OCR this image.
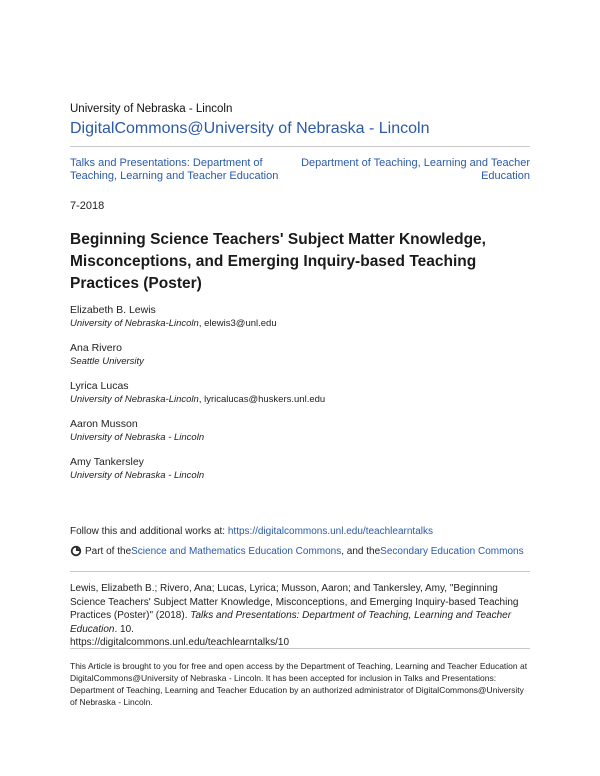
University of Nebraska - Lincoln
DigitalCommons@University of Nebraska - Lincoln
Talks and Presentations: Department of Teaching, Learning and Teacher Education
Department of Teaching, Learning and Teacher Education
7-2018
Beginning Science Teachers' Subject Matter Knowledge, Misconceptions, and Emerging Inquiry-based Teaching Practices (Poster)
Elizabeth B. Lewis
University of Nebraska-Lincoln, elewis3@unl.edu
Ana Rivero
Seattle University
Lyrica Lucas
University of Nebraska-Lincoln, lyricalucas@huskers.unl.edu
Aaron Musson
University of Nebraska - Lincoln
Amy Tankersley
University of Nebraska - Lincoln
Follow this and additional works at: https://digitalcommons.unl.edu/teachlearntalks
Part of the Science and Mathematics Education Commons , and the Secondary Education Commons
Lewis, Elizabeth B.; Rivero, Ana; Lucas, Lyrica; Musson, Aaron; and Tankersley, Amy, "Beginning Science Teachers' Subject Matter Knowledge, Misconceptions, and Emerging Inquiry-based Teaching Practices (Poster)" (2018). Talks and Presentations: Department of Teaching, Learning and Teacher Education. 10.
https://digitalcommons.unl.edu/teachlearntalks/10
This Article is brought to you for free and open access by the Department of Teaching, Learning and Teacher Education at DigitalCommons@University of Nebraska - Lincoln. It has been accepted for inclusion in Talks and Presentations: Department of Teaching, Learning and Teacher Education by an authorized administrator of DigitalCommons@University of Nebraska - Lincoln.
